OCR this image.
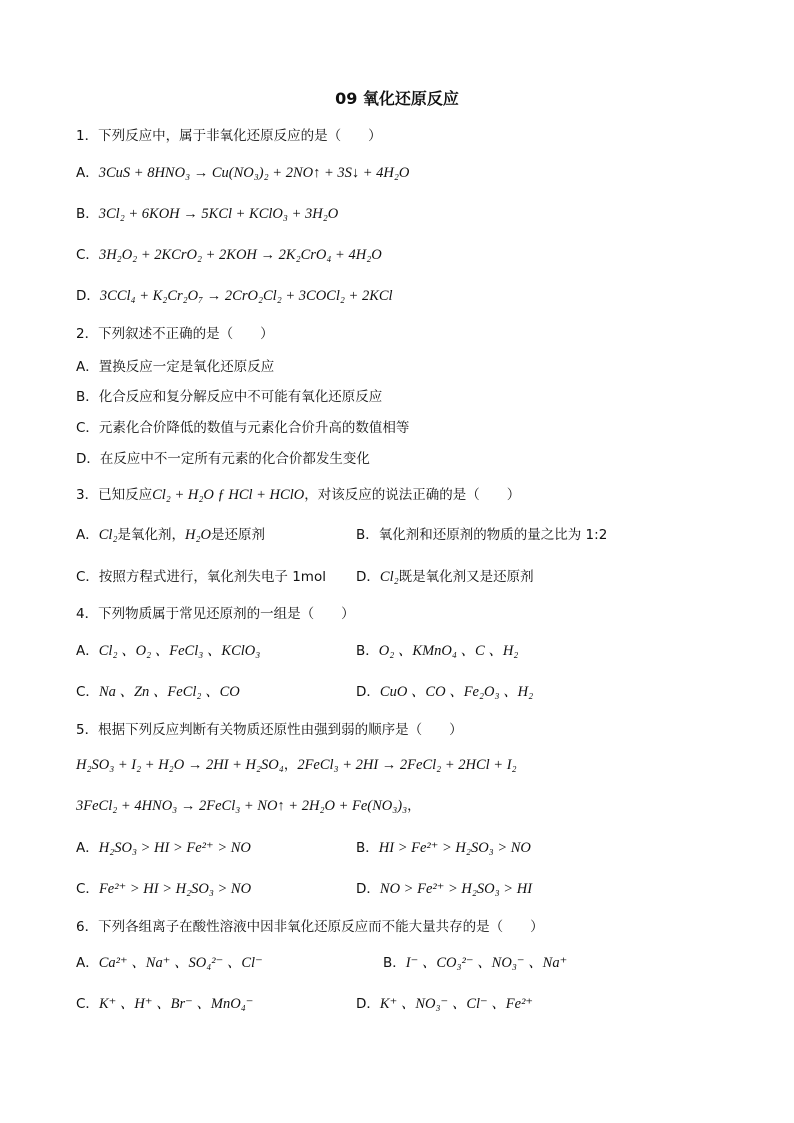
09 氧化还原反应
1．下列反应中，属于非氧化还原反应的是（　　）
A．3CuS + 8HNO₃ → Cu(NO₃)₂ + 2NO↑ + 3S↓ + 4H₂O
B．3Cl₂ + 6KOH → 5KCl + KClO₃ + 3H₂O
C．3H₂O₂ + 2KCrO₂ + 2KOH → 2K₂CrO₄ + 4H₂O
D．3CCl₄ + K₂Cr₂O₇ → 2CrO₂Cl₂ + 3COCl₂ + 2KCl
2．下列叙述不正确的是（　　）
A．置换反应一定是氧化还原反应
B．化合反应和复分解反应中不可能有氧化还原反应
C．元素化合价降低的数值与元素化合价升高的数值相等
D．在反应中不一定所有元素的化合价都发生变化
3．已知反应Cl₂ + H₂O ƒ HCl + HClO，对该反应的说法正确的是（　　）
A．Cl₂是氧化剂，H₂O是还原剂	B．氧化剂和还原剂的物质的量之比为 1:2
C．按照方程式进行，氧化剂失电子 1mol D．Cl₂既是氧化剂又是还原剂
4．下列物质属于常见还原剂的一组是（　　）
A．Cl₂ 、O₂ 、FeCl₃ 、KClO₃	B．O₂ 、KMnO₄ 、C 、H₂
C．Na 、Zn 、FeCl₂ 、CO	D．CuO 、CO 、Fe₂O₃ 、H₂
5．根据下列反应判断有关物质还原性由强到弱的顺序是（　　）
H₂SO₃ + I₂ + H₂O → 2HI + H₂SO₄，2FeCl₃ + 2HI → 2FeCl₂ + 2HCl + I₂
3FeCl₂ + 4HNO₃ → 2FeCl₃ + NO↑ + 2H₂O + Fe(NO₃)₃，
A．H₂SO₃ > HI > Fe²⁺ > NO	B．HI > Fe²⁺ > H₂SO₃ > NO
C．Fe²⁺ > HI > H₂SO₃ > NO	D．NO > Fe²⁺ > H₂SO₃ > HI
6．下列各组离子在酸性溶液中因非氧化还原反应而不能大量共存的是（　　）
A．Ca²⁺ 、Na⁺ 、SO₄²⁻ 、Cl⁻	B．I⁻ 、CO₃²⁻ 、NO₃⁻ 、Na⁺
C．K⁺ 、H⁺ 、Br⁻ 、MnO₄⁻	D．K⁺ 、NO₃⁻ 、Cl⁻ 、Fe²⁺
